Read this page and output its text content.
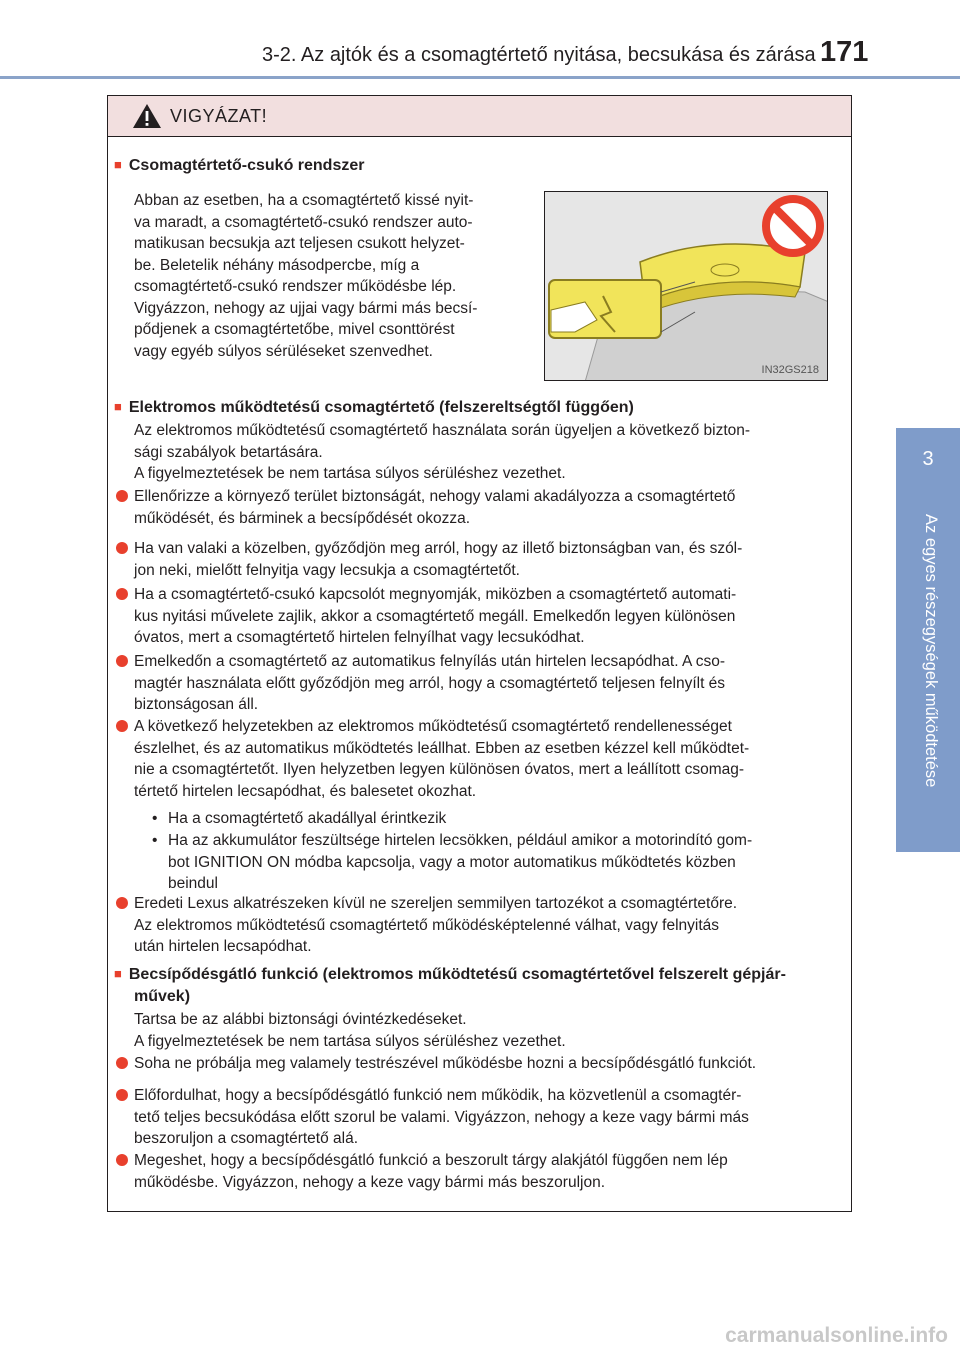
3-2. Az ajtók és a csomagtértető nyitása, becsukása és zárása 171
3
Az egyes részegységek működtetése
VIGYÁZAT!
■ Csomagtértető-csukó rendszer
Abban az esetben, ha a csomagtértető kissé nyit-
va maradt, a csomagtértető-csukó rendszer auto-
matikusan becsukja azt teljesen csukott helyzet-
be. Beletelik néhány másodpercbe, míg a
csomagtértető-csukó rendszer működésbe lép.
Vigyázzon, nehogy az ujjai vagy bármi más becsí-
pődjenek a csomagtértetőbe, mivel csonttörést
vagy egyéb súlyos sérüléseket szenvedhet.
IN32GS218
■ Elektromos működtetésű csomagtértető (felszereltségtől függően)
Az elektromos működtetésű csomagtértető használata során ügyeljen a következő bizton-
sági szabályok betartására.
A figyelmeztetések be nem tartása súlyos sérüléshez vezethet.
Ellenőrizze a környező terület biztonságát, nehogy valami akadályozza a csomagtértető
működését, és bárminek a becsípődését okozza.
Ha van valaki a közelben, győződjön meg arról, hogy az illető biztonságban van, és szól-
jon neki, mielőtt felnyitja vagy lecsukja a csomagtértetőt.
Ha a csomagtértető-csukó kapcsolót megnyomják, miközben a csomagtértető automati-
kus nyitási művelete zajlik, akkor a csomagtértető megáll. Emelkedőn legyen különösen
óvatos, mert a csomagtértető hirtelen felnyílhat vagy lecsukódhat.
Emelkedőn a csomagtértető az automatikus felnyílás után hirtelen lecsapódhat. A cso-
magtér használata előtt győződjön meg arról, hogy a csomagtértető teljesen felnyílt és
biztonságosan áll.
A következő helyzetekben az elektromos működtetésű csomagtértető rendellenességet
észlelhet, és az automatikus működtetés leállhat. Ebben az esetben kézzel kell működtet-
nie a csomagtértetőt. Ilyen helyzetben legyen különösen óvatos, mert a leállított csomag-
tértető hirtelen lecsapódhat, és balesetet okozhat.
• Ha a csomagtértető akadállyal érintkezik
• Ha az akkumulátor feszültsége hirtelen lecsökken, például amikor a motorindító gom-
bot IGNITION ON módba kapcsolja, vagy a motor automatikus működtetés közben
beindul
Eredeti Lexus alkatrészeken kívül ne szereljen semmilyen tartozékot a csomagtértetőre.
Az elektromos működtetésű csomagtértető működésképtelenné válhat, vagy felnyitás
után hirtelen lecsapódhat.
■ Becsípődésgátló funkció (elektromos működtetésű csomagtértetővel felszerelt gépjár-
művek)
Tartsa be az alábbi biztonsági óvintézkedéseket.
A figyelmeztetések be nem tartása súlyos sérüléshez vezethet.
Soha ne próbálja meg valamely testrészével működésbe hozni a becsípődésgátló funkciót.
Előfordulhat, hogy a becsípődésgátló funkció nem működik, ha közvetlenül a csomagtér-
tető teljes becsukódása előtt szorul be valami. Vigyázzon, nehogy a keze vagy bármi más
beszoruljon a csomagtértető alá.
Megeshet, hogy a becsípődésgátló funkció a beszorult tárgy alakjától függően nem lép
működésbe. Vigyázzon, nehogy a keze vagy bármi más beszoruljon.
carmanualsonline.info
